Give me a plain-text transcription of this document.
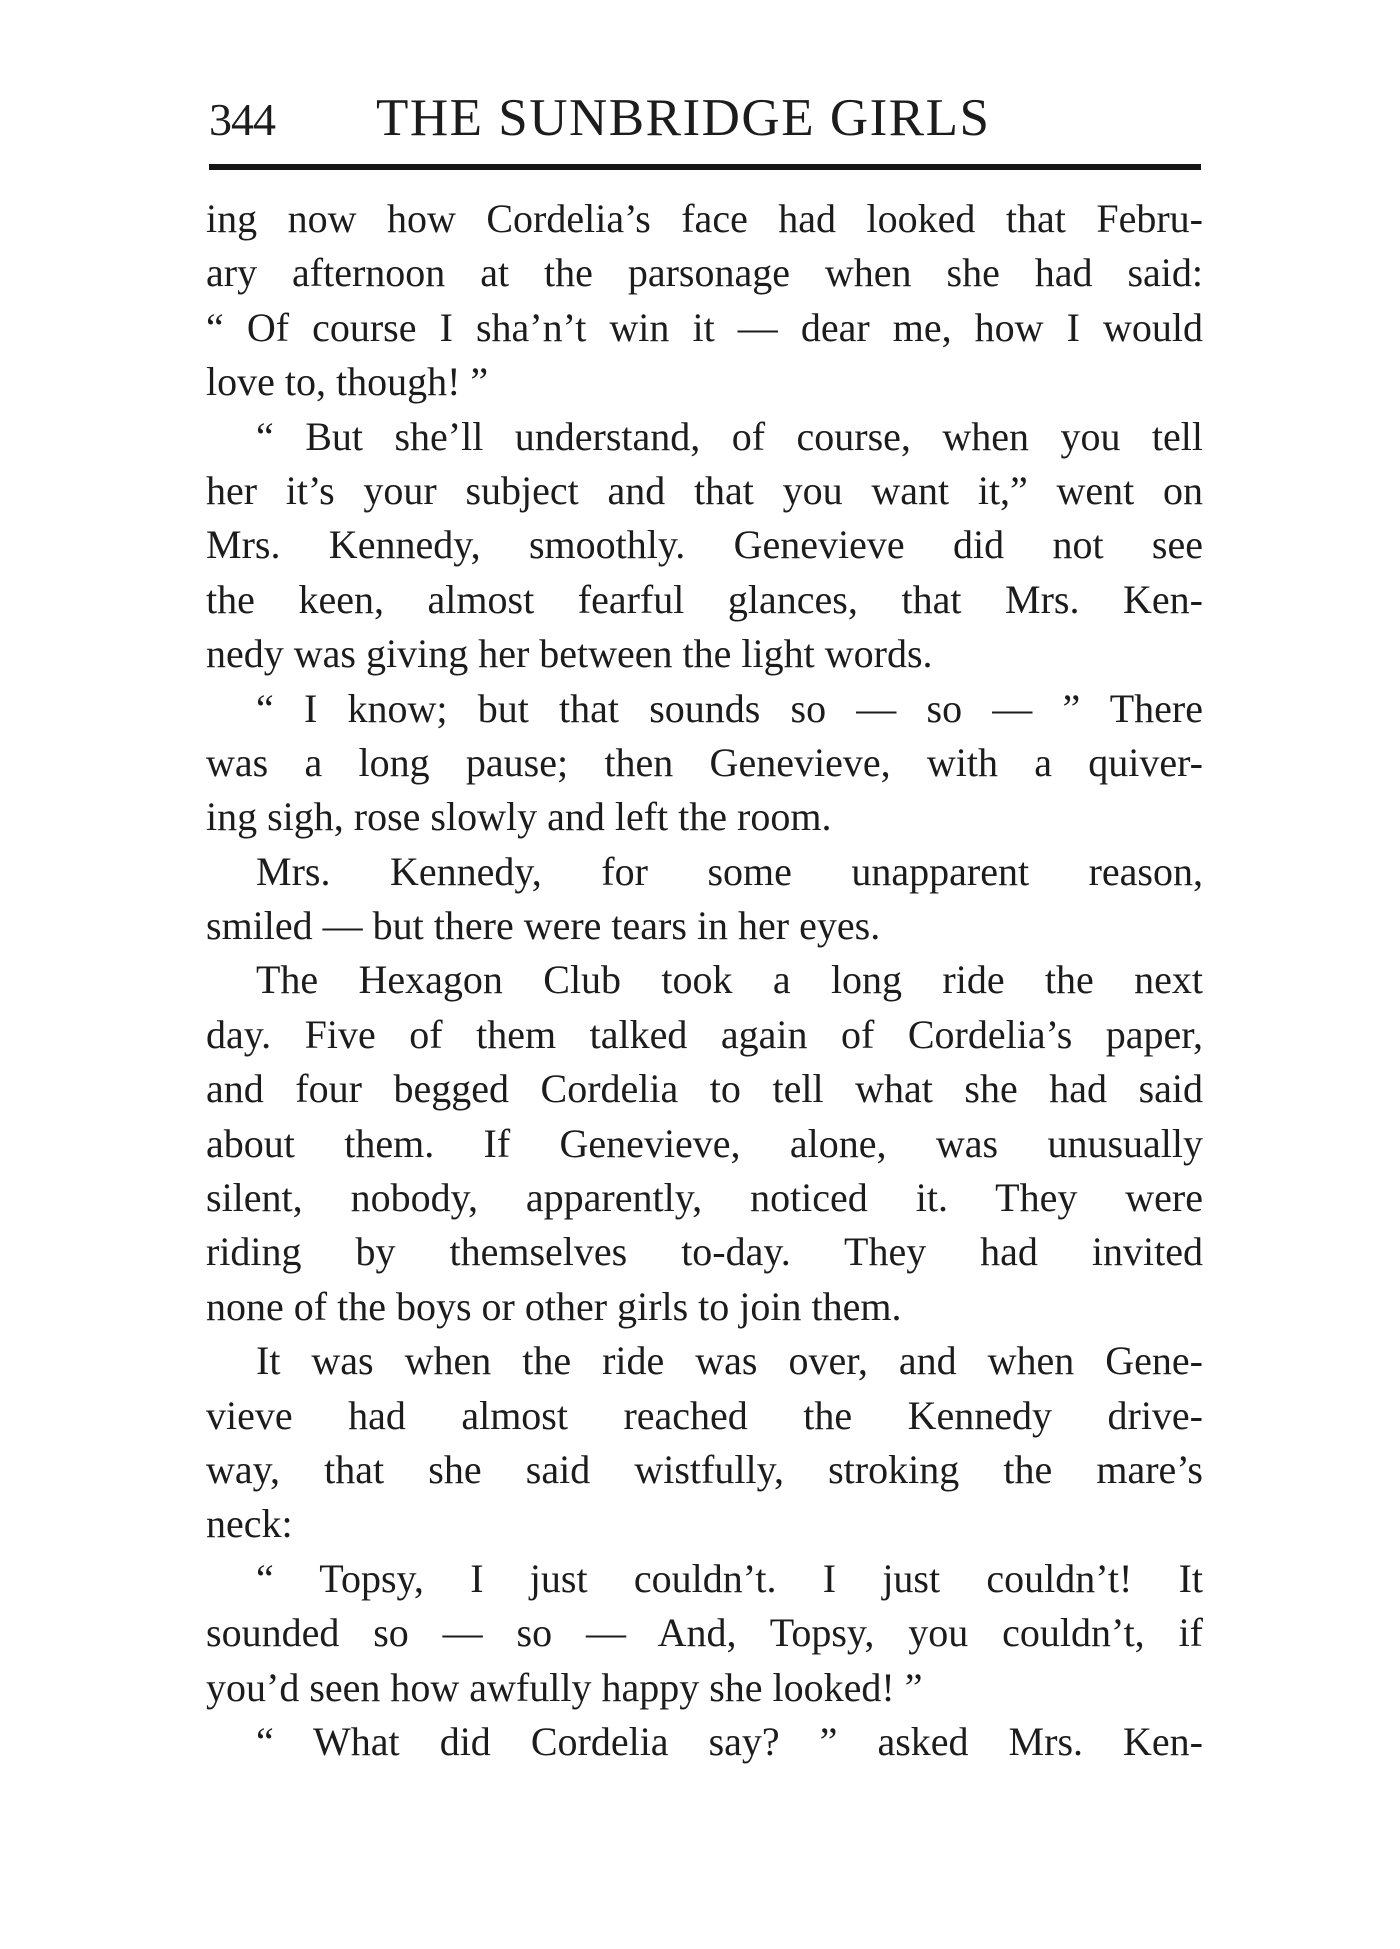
344 THE SUNBRIDGE GIRLS
ing now how Cordelia’s face had looked that Febru-
ary afternoon at the parsonage when she had said:
“ Of course I sha’n’t win it — dear me, how I would
love to, though! ”
“ But she’ll understand, of course, when you tell
her it’s your subject and that you want it,” went on
Mrs. Kennedy, smoothly. Genevieve did not see
the keen, almost fearful glances, that Mrs. Ken-
nedy was giving her between the light words.
“ I know; but that sounds so — so — ” There
was a long pause; then Genevieve, with a quiver-
ing sigh, rose slowly and left the room.
Mrs. Kennedy, for some unapparent reason,
smiled — but there were tears in her eyes.
The Hexagon Club took a long ride the next
day. Five of them talked again of Cordelia’s paper,
and four begged Cordelia to tell what she had said
about them. If Genevieve, alone, was unusually
silent, nobody, apparently, noticed it. They were
riding by themselves to-day. They had invited
none of the boys or other girls to join them.
It was when the ride was over, and when Gene-
vieve had almost reached the Kennedy drive-
way, that she said wistfully, stroking the mare’s
neck:
“ Topsy, I just couldn’t. I just couldn’t! It
sounded so — so — And, Topsy, you couldn’t, if
you’d seen how awfully happy she looked! ”
“ What did Cordelia say? ” asked Mrs. Ken-
